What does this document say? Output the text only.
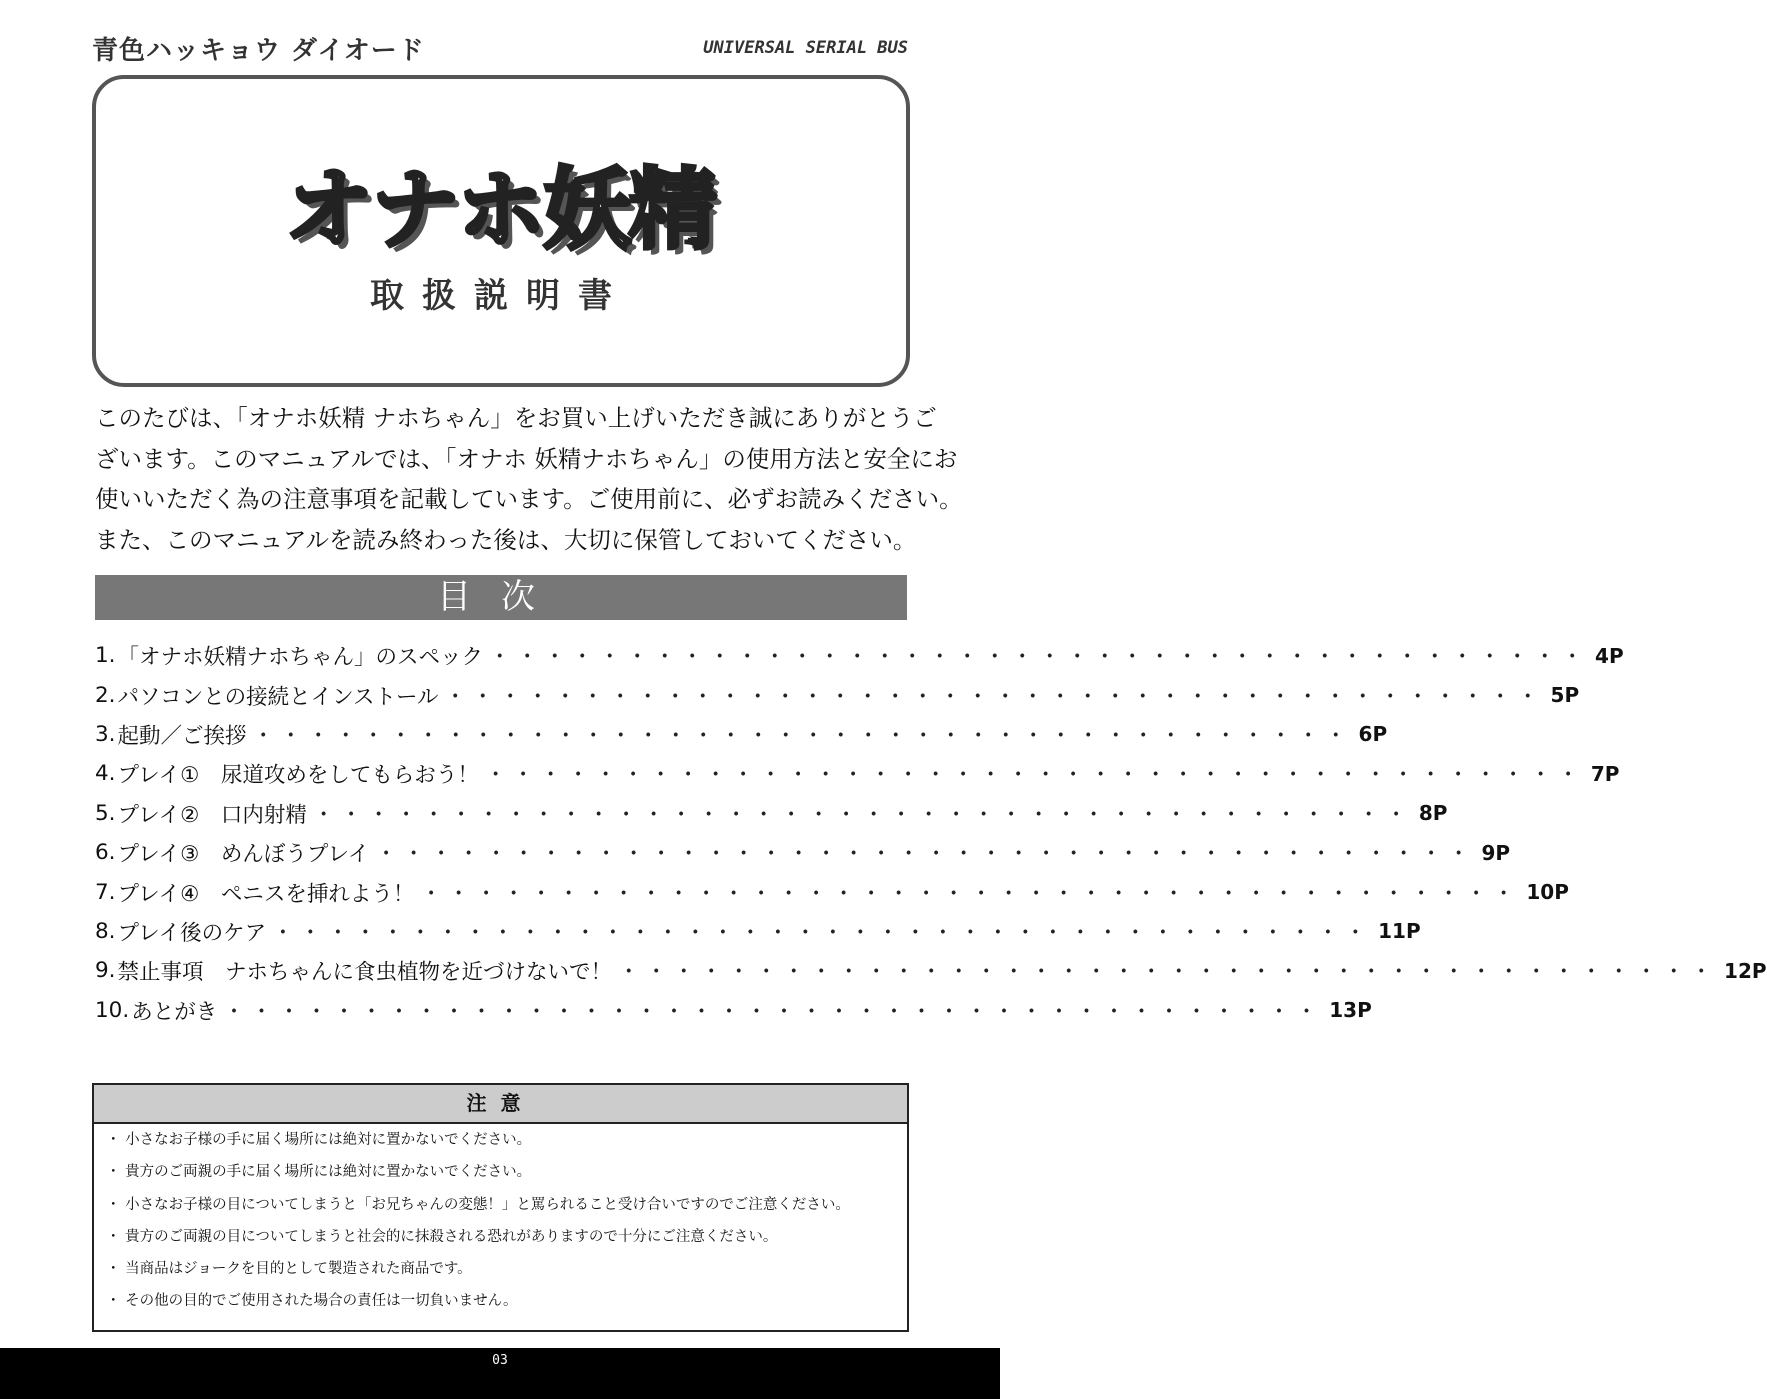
青色ハッキョウ ダイオード	UNIVERSAL SERIAL BUS
オナホ妖精
取扱説明書
このたびは、「オナホ妖精 ナホちゃん」をお買い上げいただき誠にありがとうご
ざいます。このマニュアルでは、「オナホ 妖精ナホちゃん」の使用方法と安全にお
使いいただく為の注意事項を記載しています。ご使用前に、必ずお読みください。
また、このマニュアルを読み終わった後は、大切に保管しておいてください。
目次
1. 「オナホ妖精ナホちゃん」のスペック ・・・・・・・・・・・・・・・・・・・・・・・・・・・・・・・・・・・・・・・・ 4P
2. パソコンとの接続とインストール ・・・・・・・・・・・・・・・・・・・・・・・・・・・・・・・・・・・・・・・・ 5P
3. 起動／ご挨拶 ・・・・・・・・・・・・・・・・・・・・・・・・・・・・・・・・・・・・・・・・ 6P
4. プレイ①　尿道攻めをしてもらおう！ ・・・・・・・・・・・・・・・・・・・・・・・・・・・・・・・・・・・・・・・・ 7P
5. プレイ②　口内射精 ・・・・・・・・・・・・・・・・・・・・・・・・・・・・・・・・・・・・・・・・ 8P
6. プレイ③　めんぼうプレイ ・・・・・・・・・・・・・・・・・・・・・・・・・・・・・・・・・・・・・・・・ 9P
7. プレイ④　ペニスを挿れよう！ ・・・・・・・・・・・・・・・・・・・・・・・・・・・・・・・・・・・・・・・・ 10P
8. プレイ後のケア ・・・・・・・・・・・・・・・・・・・・・・・・・・・・・・・・・・・・・・・・ 11P
9. 禁止事項　ナホちゃんに食虫植物を近づけないで！ ・・・・・・・・・・・・・・・・・・・・・・・・・・・・・・・・・・・・・・・・ 12P
10. あとがき ・・・・・・・・・・・・・・・・・・・・・・・・・・・・・・・・・・・・・・・・ 13P
注意
・ 小さなお子様の手に届く場所には絶対に置かないでください。
・ 貴方のご両親の手に届く場所には絶対に置かないでください。
・ 小さなお子様の目についてしまうと「お兄ちゃんの変態！」と罵られること受け合いですのでご注意ください。
・ 貴方のご両親の目についてしまうと社会的に抹殺される恐れがありますので十分にご注意ください。
・ 当商品はジョークを目的として製造された商品です。
・ その他の目的でご使用された場合の責任は一切負いません。
03
